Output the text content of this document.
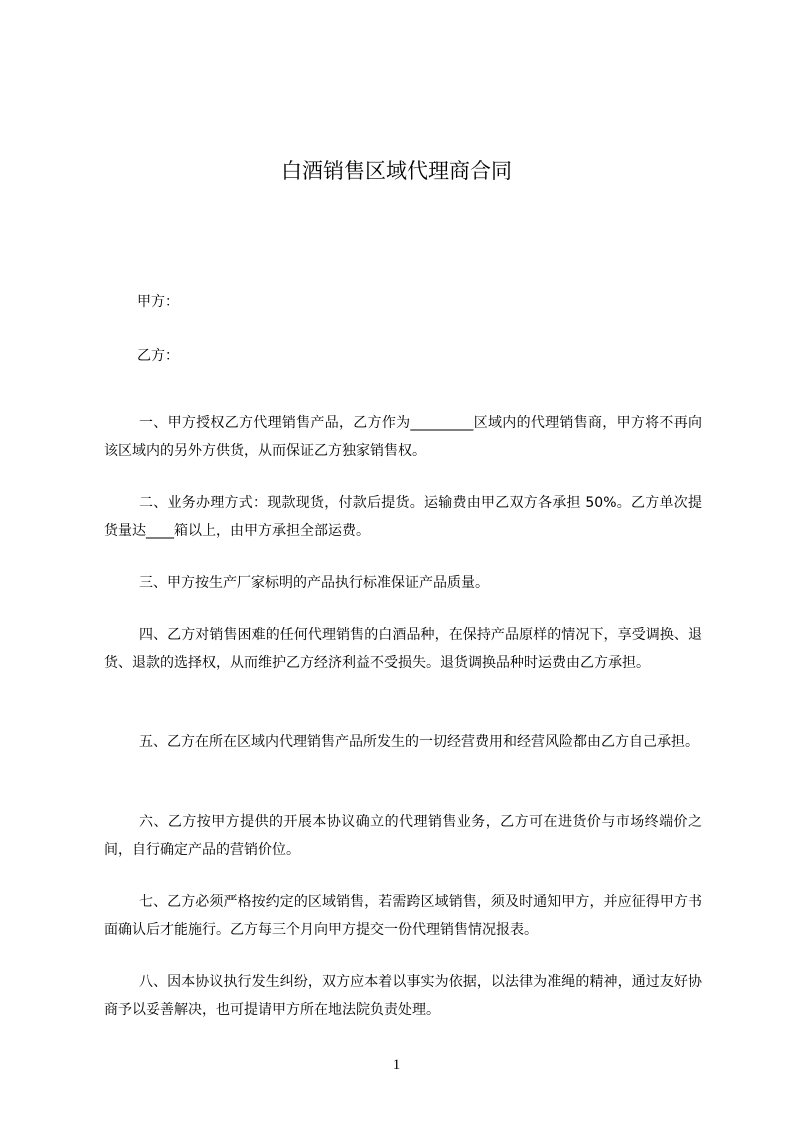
白酒销售区域代理商合同
甲方：
乙方：

一、甲方授权乙方代理销售产品，乙方作为_________区域内的代理销售商，甲方将不再向该区域内的另外方供货，从而保证乙方独家销售权。

二、业务办理方式：现款现货，付款后提货。运输费由甲乙双方各承担 50%。乙方单次提货量达____箱以上，由甲方承担全部运费。

三、甲方按生产厂家标明的产品执行标准保证产品质量。

四、乙方对销售困难的任何代理销售的白酒品种，在保持产品原样的情况下，享受调换、退货、退款的选择权，从而维护乙方经济利益不受损失。退货调换品种时运费由乙方承担。

五、乙方在所在区域内代理销售产品所发生的一切经营费用和经营风险都由乙方自己承担。

六、乙方按甲方提供的开展本协议确立的代理销售业务，乙方可在进货价与市场终端价之间，自行确定产品的营销价位。

七、乙方必须严格按约定的区域销售，若需跨区域销售，须及时通知甲方，并应征得甲方书面确认后才能施行。乙方每三个月向甲方提交一份代理销售情况报表。

八、因本协议执行发生纠纷，双方应本着以事实为依据，以法律为准绳的精神，通过友好协商予以妥善解决，也可提请甲方所在地法院负责处理。

1
